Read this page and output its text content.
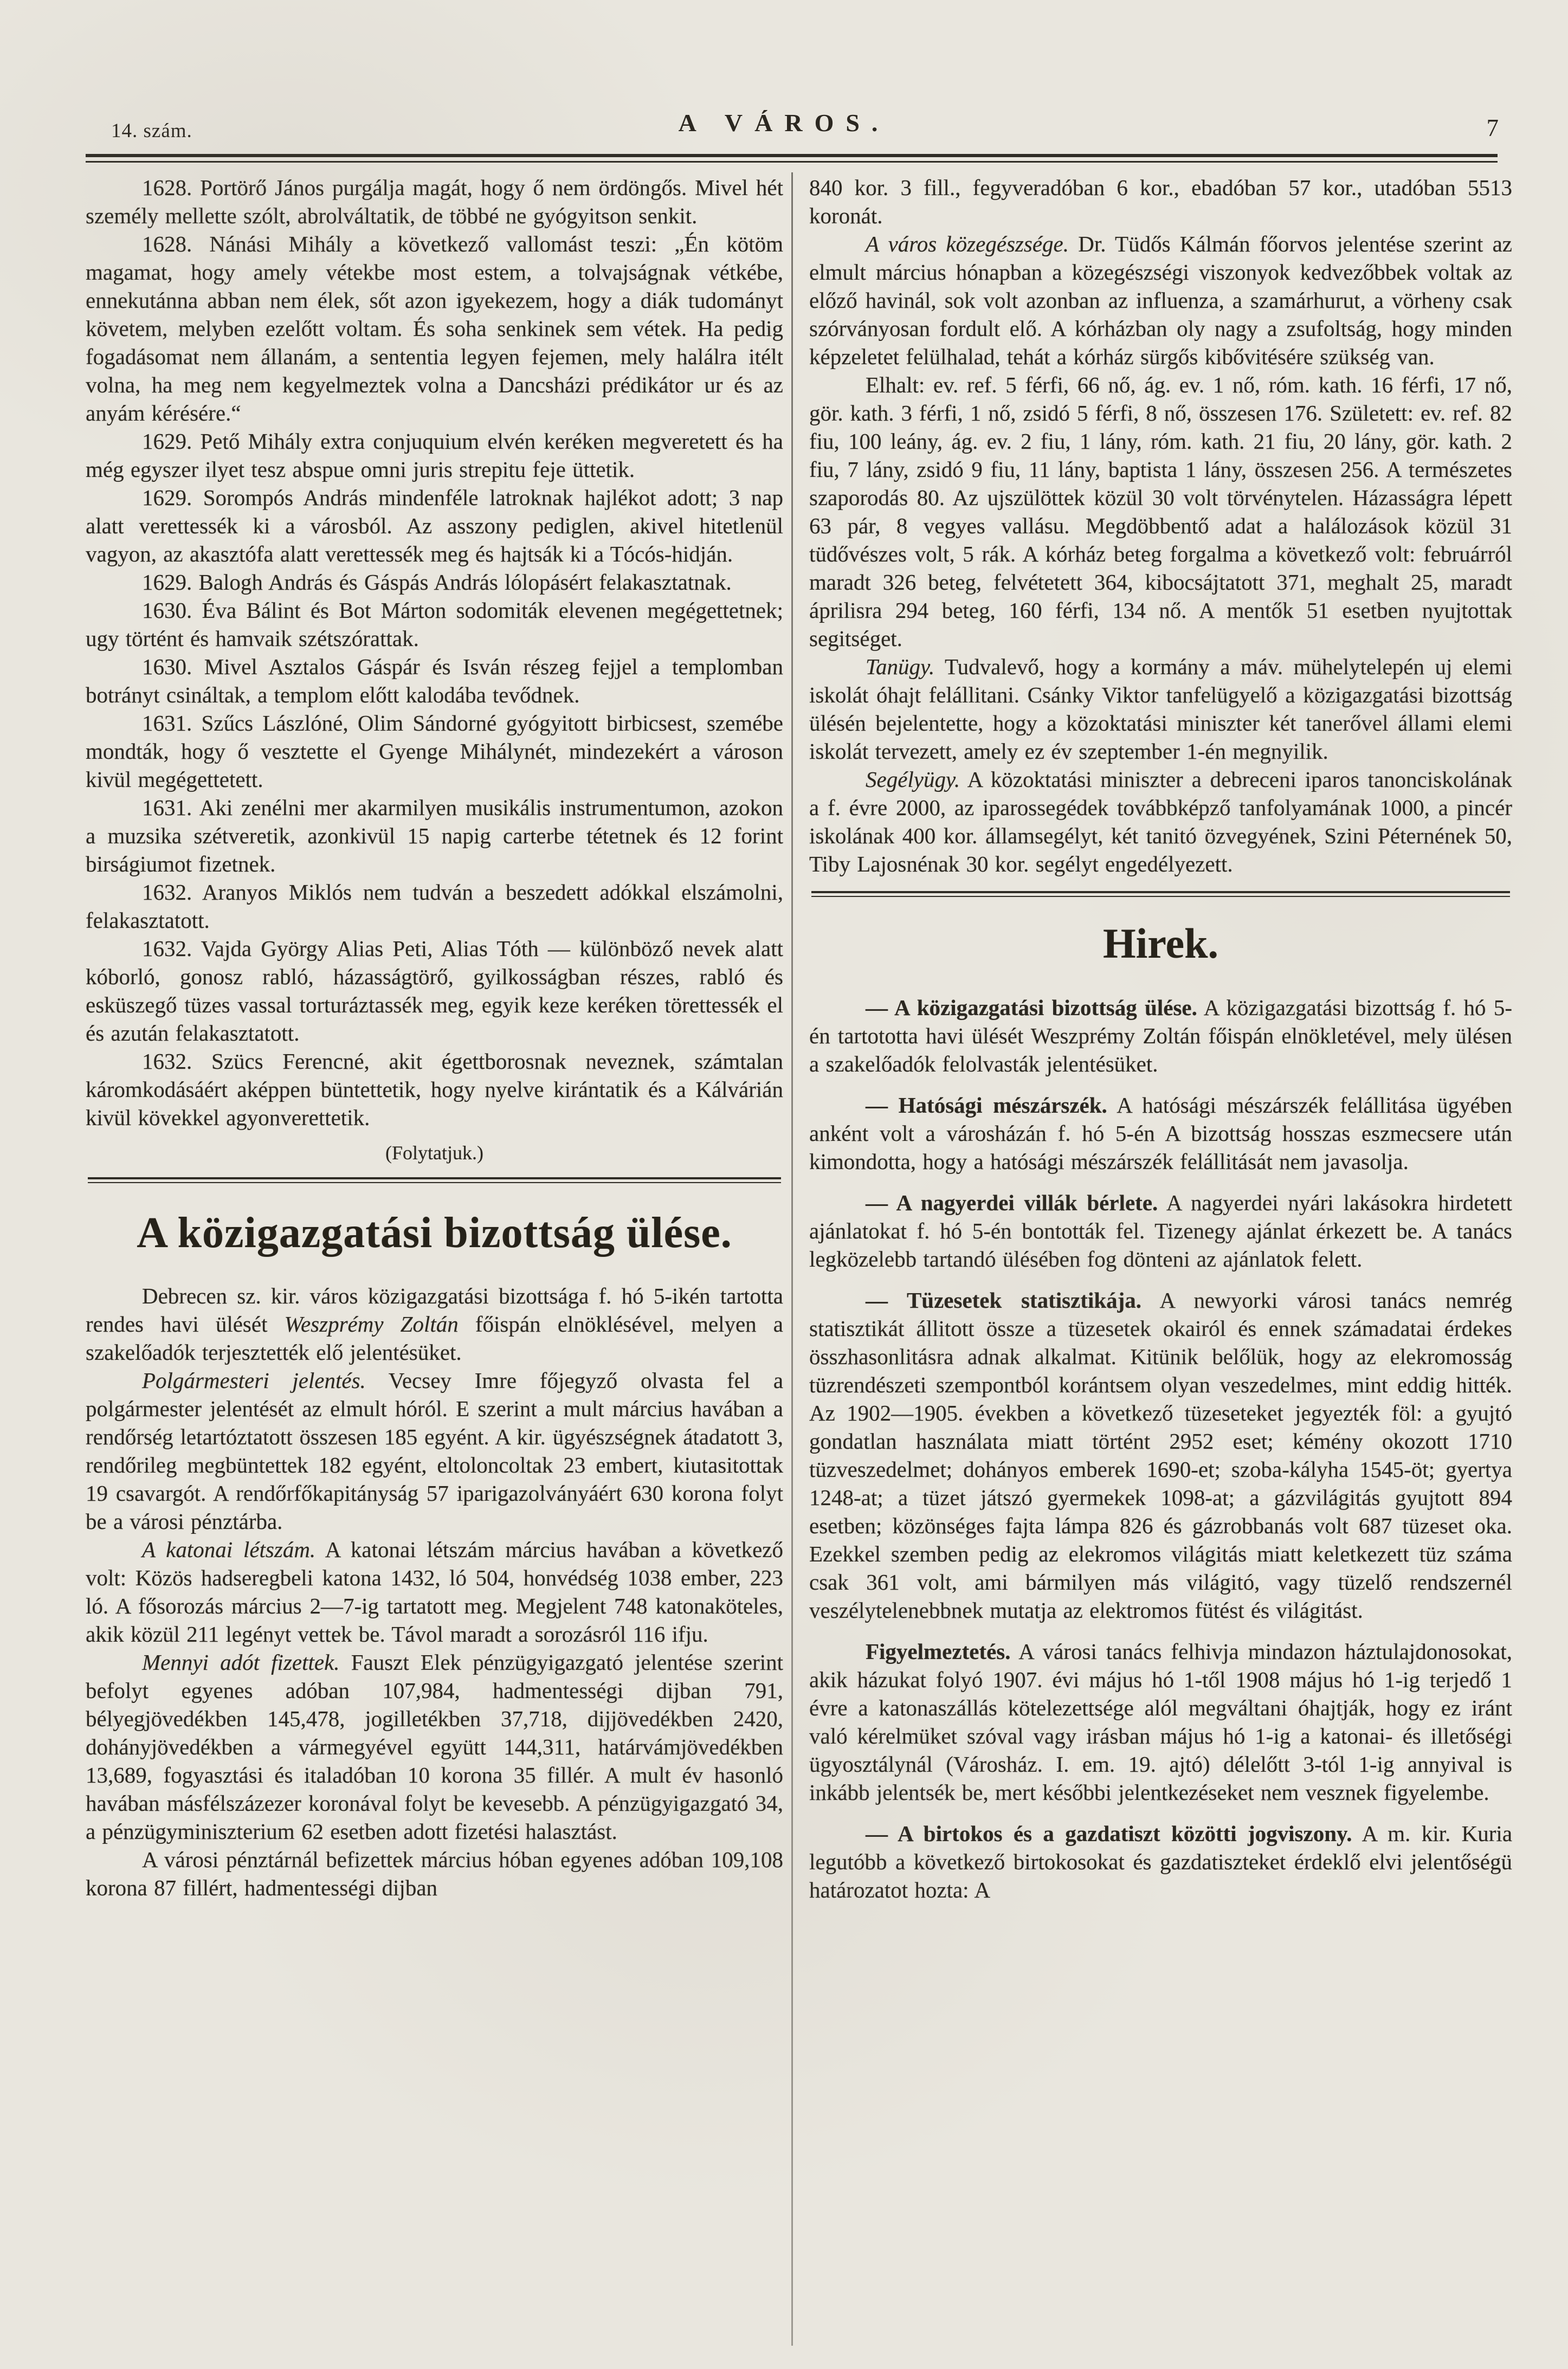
14. szám.	A VÁROS.	7

1628. Portörő János purgálja magát, hogy ő nem ördöngős. Mivel hét személy mellette szólt, abrolváltatik, de többé ne gyógyitson senkit.

1628. Nánási Mihály a következő vallomást teszi: „Én kötöm magamat, hogy amely vétekbe most estem, a tolvajságnak vétkébe, ennekutánna abban nem élek, sőt azon igyekezem, hogy a diák tudományt követem, melyben ezelőtt voltam. És soha senkinek sem vétek. Ha pedig fogadásomat nem állanám, a sententia legyen fejemen, mely halálra itélt volna, ha meg nem kegyelmeztek volna a Dancsházi prédikátor ur és az anyám kérésére.“

1629. Pető Mihály extra conjuquium elvén keréken megveretett és ha még egyszer ilyet tesz abspue omni juris strepitu feje üttetik.

1629. Sorompós András mindenféle latroknak hajlékot adott; 3 nap alatt verettessék ki a városból. Az asszony pediglen, akivel hitetlenül vagyon, az akasztófa alatt verettessék meg és hajtsák ki a Tócós-hidján.

1629. Balogh András és Gáspás András lólopásért felakasztatnak.

1630. Éva Bálint és Bot Márton sodomiták elevenen megégettetnek; ugy történt és hamvaik szétszórattak.

1630. Mivel Asztalos Gáspár és Isván részeg fejjel a templomban botrányt csináltak, a templom előtt kalodába tevődnek.

1631. Szűcs Lászlóné, Olim Sándorné gyógyitott birbicsest, szemébe mondták, hogy ő vesztette el Gyenge Mihálynét, mindezekért a városon kivül megégettetett.

1631. Aki zenélni mer akarmilyen musikális instrumentumon, azokon a muzsika szétveretik, azonkivül 15 napig carterbe tétetnek és 12 forint birságiumot fizetnek.

1632. Aranyos Miklós nem tudván a beszedett adókkal elszámolni, felakasztatott.

1632. Vajda György Alias Peti, Alias Tóth — különböző nevek alatt kóborló, gonosz rabló, házasságtörő, gyilkosságban részes, rabló és esküszegő tüzes vassal torturáztassék meg, egyik keze keréken törettessék el és azután felakasztatott.

1632. Szücs Ferencné, akit égettborosnak neveznek, számtalan káromkodásáért aképpen büntettetik, hogy nyelve kirántatik és a Kálvárián kivül kövekkel agyonverettetik.

(Folytatjuk.)

A közigazgatási bizottság ülése.

Debrecen sz. kir. város közigazgatási bizottsága f. hó 5-ikén tartotta rendes havi ülését Weszprémy Zoltán főispán elnöklésével, melyen a szakelőadók terjesztették elő jelentésüket.

Polgármesteri jelentés. Vecsey Imre főjegyző olvasta fel a polgármester jelentését az elmult hóról. E szerint a mult március havában a rendőrség letartóztatott összesen 185 egyént. A kir. ügyészségnek átadatott 3, rendőrileg megbüntettek 182 egyént, eltoloncoltak 23 embert, kiutasitottak 19 csavargót. A rendőrfőkapitányság 57 iparigazolványáért 630 korona folyt be a városi pénztárba.

A katonai létszám. A katonai létszám március havában a következő volt: Közös hadseregbeli katona 1432, ló 504, honvédség 1038 ember, 223 ló. A fősorozás március 2—7-ig tartatott meg. Megjelent 748 katonaköteles, akik közül 211 legényt vettek be. Távol maradt a sorozásról 116 ifju.

Mennyi adót fizettek. Fauszt Elek pénzügyigazgató jelentése szerint befolyt egyenes adóban 107,984, hadmentességi dijban 791, bélyegjövedékben 145,478, jogilletékben 37,718, dijjövedékben 2420, dohányjövedékben a vármegyével együtt 144,311, határvámjövedékben 13,689, fogyasztási és italadóban 10 korona 35 fillér. A mult év hasonló havában másfélszázezer koronával folyt be kevesebb. A pénzügyigazgató 34, a pénzügyminiszterium 62 esetben adott fizetési halasztást.

A városi pénztárnál befizettek március hóban egyenes adóban 109,108 korona 87 fillért, hadmentességi dijban

840 kor. 3 fill., fegyveradóban 6 kor., ebadóban 57 kor., utadóban 5513 koronát.

A város közegészsége. Dr. Tüdős Kálmán főorvos jelentése szerint az elmult március hónapban a közegészségi viszonyok kedvezőbbek voltak az előző havinál, sok volt azonban az influenza, a szamárhurut, a vörheny csak szórványosan fordult elő. A kórházban oly nagy a zsufoltság, hogy minden képzeletet felülhalad, tehát a kórház sürgős kibővitésére szükség van.

Elhalt: ev. ref. 5 férfi, 66 nő, ág. ev. 1 nő, róm. kath. 16 férfi, 17 nő, gör. kath. 3 férfi, 1 nő, zsidó 5 férfi, 8 nő, összesen 176. Született: ev. ref. 82 fiu, 100 leány, ág. ev. 2 fiu, 1 lány, róm. kath. 21 fiu, 20 lány, gör. kath. 2 fiu, 7 lány, zsidó 9 fiu, 11 lány, baptista 1 lány, összesen 256. A természetes szaporodás 80. Az ujszülöttek közül 30 volt törvénytelen. Házasságra lépett 63 pár, 8 vegyes vallásu. Megdöbbentő adat a halálozások közül 31 tüdővészes volt, 5 rák. A kórház beteg forgalma a következő volt: februárról maradt 326 beteg, felvétetett 364, kibocsájtatott 371, meghalt 25, maradt áprilisra 294 beteg, 160 férfi, 134 nő. A mentők 51 esetben nyujtottak segitséget.

Tanügy. Tudvalevő, hogy a kormány a máv. mühelytelepén uj elemi iskolát óhajt felállitani. Csánky Viktor tanfelügyelő a közigazgatási bizottság ülésén bejelentette, hogy a közoktatási miniszter két tanerővel állami elemi iskolát tervezett, amely ez év szeptember 1-én megnyilik.

Segélyügy. A közoktatási miniszter a debreceni iparos tanonciskolának a f. évre 2000, az iparossegédek továbbképző tanfolyamának 1000, a pincér iskolának 400 kor. államsegélyt, két tanitó özvegyének, Szini Péternének 50, Tiby Lajosnénak 30 kor. segélyt engedélyezett.

Hirek.

— A közigazgatási bizottság ülése. A közigazgatási bizottság f. hó 5-én tartototta havi ülését Weszprémy Zoltán főispán elnökletével, mely ülésen a szakelőadók felolvasták jelentésüket.

— Hatósági mészárszék. A hatósági mészárszék felállitása ügyében anként volt a városházán f. hó 5-én A bizottság hosszas eszmecsere után kimondotta, hogy a hatósági mészárszék felállitását nem javasolja.

— A nagyerdei villák bérlete. A nagyerdei nyári lakásokra hirdetett ajánlatokat f. hó 5-én bontották fel. Tizenegy ajánlat érkezett be. A tanács legközelebb tartandó ülésében fog dönteni az ajánlatok felett.

— Tüzesetek statisztikája. A newyorki városi tanács nemrég statisztikát állitott össze a tüzesetek okairól és ennek számadatai érdekes összhasonlitásra adnak alkalmat. Kitünik belőlük, hogy az elekromosság tüzrendészeti szempontból korántsem olyan veszedelmes, mint eddig hitték. Az 1902—1905. években a következő tüzeseteket jegyezték föl: a gyujtó gondatlan használata miatt történt 2952 eset; kémény okozott 1710 tüzveszedelmet; dohányos emberek 1690-et; szoba-kályha 1545-öt; gyertya 1248-at; a tüzet játszó gyermekek 1098-at; a gázvilágitás gyujtott 894 esetben; közönséges fajta lámpa 826 és gázrobbanás volt 687 tüzeset oka. Ezekkel szemben pedig az elekromos világitás miatt keletkezett tüz száma csak 361 volt, ami bármilyen más világitó, vagy tüzelő rendszernél veszélytelenebbnek mutatja az elektromos fütést és világitást.

Figyelmeztetés. A városi tanács felhivja mindazon háztulajdonosokat, akik házukat folyó 1907. évi május hó 1-től 1908 május hó 1-ig terjedő 1 évre a katonaszállás kötelezettsége alól megváltani óhajtják, hogy ez iránt való kérelmüket szóval vagy irásban május hó 1-ig a katonai- és illetőségi ügyosztálynál (Városház. I. em. 19. ajtó) délelőtt 3-tól 1-ig annyival is inkább jelentsék be, mert későbbi jelentkezéseket nem vesznek figyelembe.

— A birtokos és a gazdatiszt közötti jogviszony. A m. kir. Kuria legutóbb a következő birtokosokat és gazdatiszteket érdeklő elvi jelentőségü határozatot hozta: A
